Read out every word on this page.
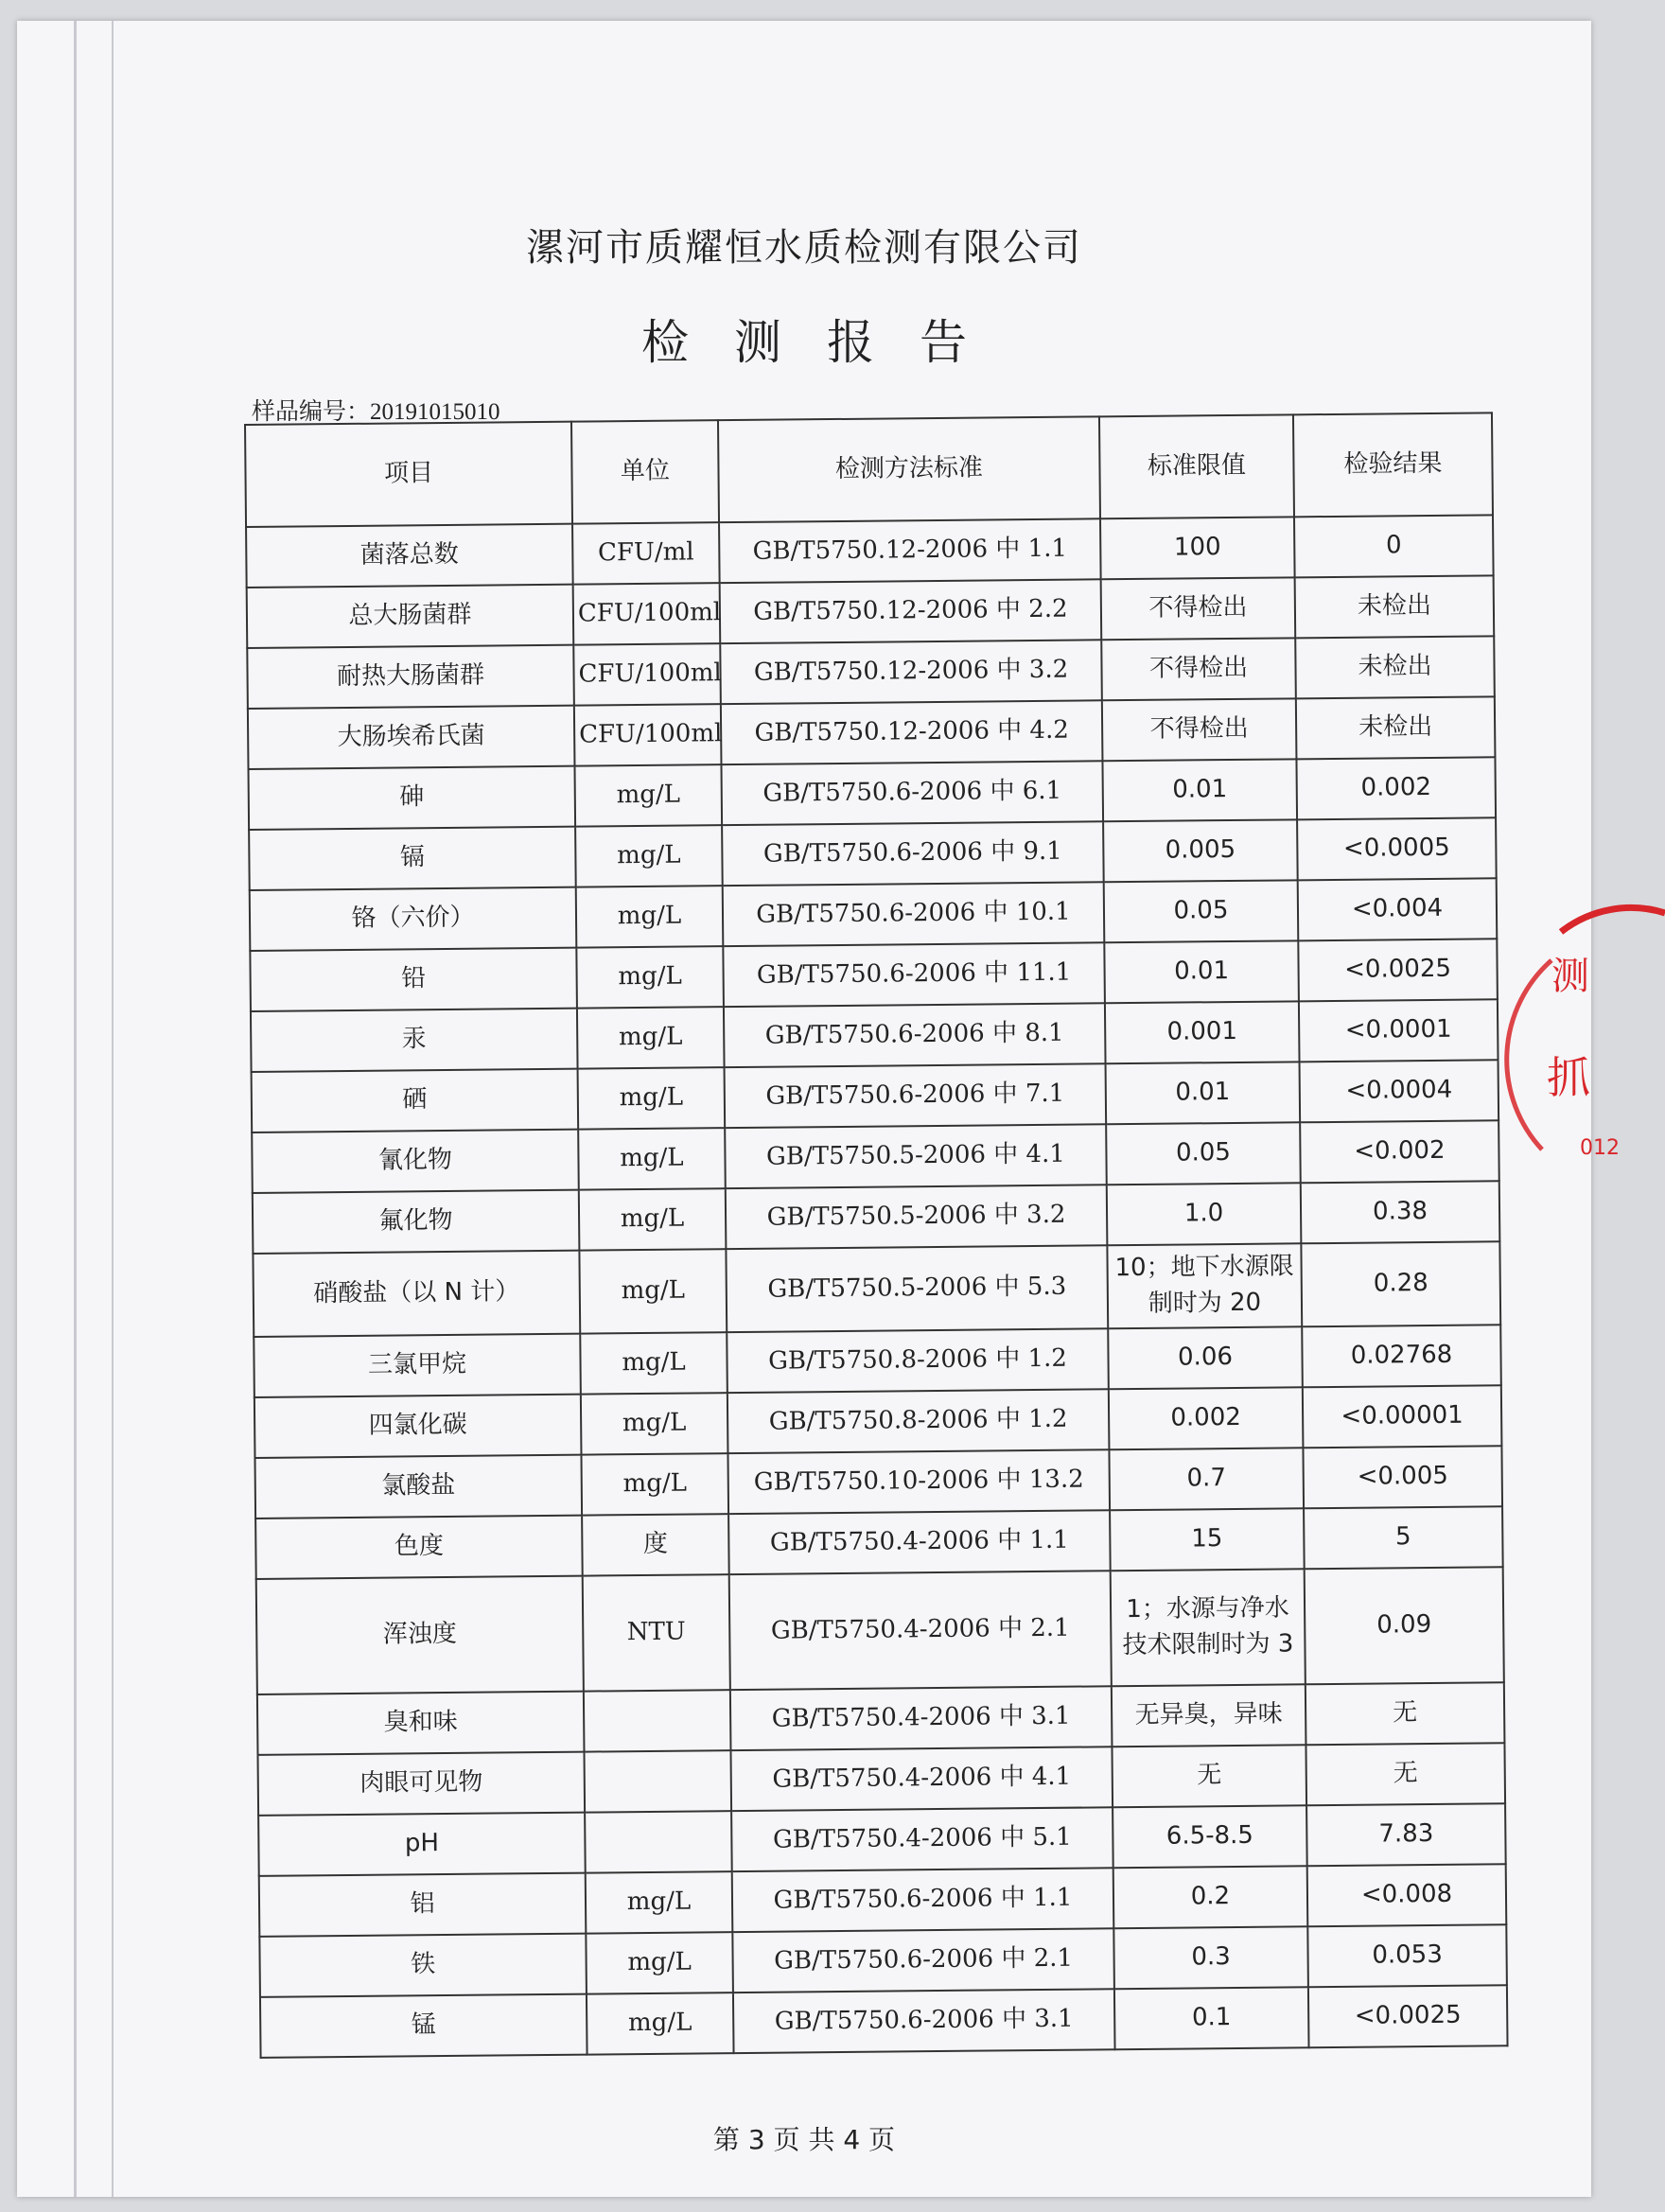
漯河市质耀恒水质检测有限公司
检测报告
样品编号：20191015010
项目	单位	检测方法标准	标准限值	检验结果
菌落总数	CFU/ml	GB/T5750.12-2006 中 1.1	100	0
总大肠菌群	CFU/100ml	GB/T5750.12-2006 中 2.2	不得检出	未检出
耐热大肠菌群	CFU/100ml	GB/T5750.12-2006 中 3.2	不得检出	未检出
大肠埃希氏菌	CFU/100ml	GB/T5750.12-2006 中 4.2	不得检出	未检出
砷	mg/L	GB/T5750.6-2006 中 6.1	0.01	0.002
镉	mg/L	GB/T5750.6-2006 中 9.1	0.005	<0.0005
铬（六价）	mg/L	GB/T5750.6-2006 中 10.1	0.05	<0.004
铅	mg/L	GB/T5750.6-2006 中 11.1	0.01	<0.0025
汞	mg/L	GB/T5750.6-2006 中 8.1	0.001	<0.0001
硒	mg/L	GB/T5750.6-2006 中 7.1	0.01	<0.0004
氰化物	mg/L	GB/T5750.5-2006 中 4.1	0.05	<0.002
氟化物	mg/L	GB/T5750.5-2006 中 3.2	1.0	0.38
硝酸盐（以 N 计）	mg/L	GB/T5750.5-2006 中 5.3	10；地下水源限制时为 20	0.28
三氯甲烷	mg/L	GB/T5750.8-2006 中 1.2	0.06	0.02768
四氯化碳	mg/L	GB/T5750.8-2006 中 1.2	0.002	<0.00001
氯酸盐	mg/L	GB/T5750.10-2006 中 13.2	0.7	<0.005
色度	度	GB/T5750.4-2006 中 1.1	15	5
浑浊度	NTU	GB/T5750.4-2006 中 2.1	1；水源与净水技术限制时为 3	0.09
臭和味		GB/T5750.4-2006 中 3.1	无异臭，异味	无
肉眼可见物		GB/T5750.4-2006 中 4.1	无	无
pH		GB/T5750.4-2006 中 5.1	6.5-8.5	7.83
铝	mg/L	GB/T5750.6-2006 中 1.1	0.2	<0.008
铁	mg/L	GB/T5750.6-2006 中 2.1	0.3	0.053
锰	mg/L	GB/T5750.6-2006 中 3.1	0.1	<0.0025
第 3 页 共 4 页
测
抓
012
